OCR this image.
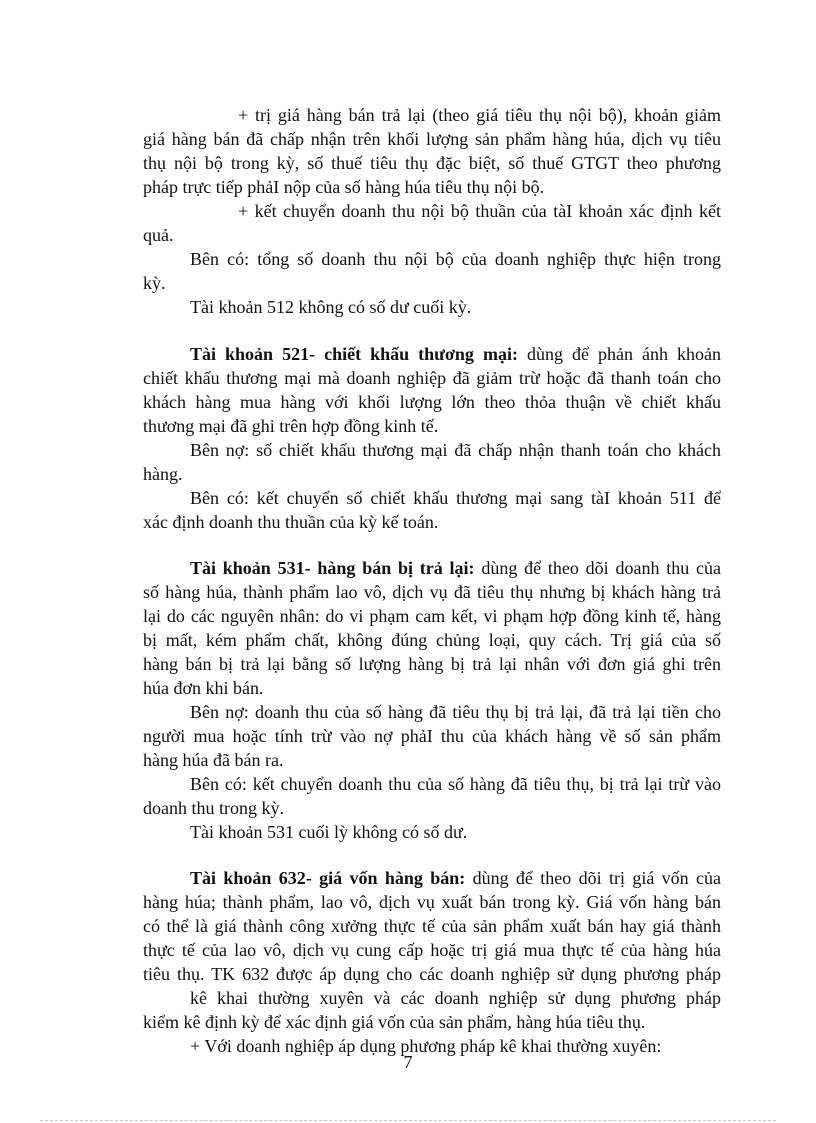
+ trị giá hàng bán trả lại (theo giá tiêu thụ nội bộ), khoản giảm
giá hàng bán đã chấp nhận trên khối lượng sản phẩm hàng húa, dịch vụ tiêu
thụ nội bộ trong kỳ, số thuế tiêu thụ đặc biệt, số thuế GTGT theo phương
pháp trực tiếp phảI nộp của số hàng húa tiêu thụ nội bộ.
+ kết chuyển doanh thu nội bộ thuần của tàI khoản xác định kết
quả.
Bên có: tổng số doanh thu nội bộ của doanh nghiệp thực hiện trong
kỳ.
Tài khoản 512 không có số dư cuối kỳ.
Tài khoản 521- chiết khấu thương mại: dùng để phản ánh khoản
chiết khấu thương mại mà doanh nghiệp đã giảm trừ hoặc đã thanh toán cho
khách hàng mua hàng với khối lượng lớn theo thỏa thuận về chiết khấu
thương mại đã ghi trên hợp đồng kinh tế.
Bên nợ: số chiết khấu thương mại đã chấp nhận thanh toán cho khách
hàng.
Bên có: kết chuyển số chiết khấu thương mại sang tàI khoản 511 để
xác định doanh thu thuần của kỳ kế toán.
Tài khoản 531- hàng bán bị trả lại: dùng để theo dõi doanh thu của
số hàng húa, thành phẩm lao vô, dịch vụ đã tiêu thụ nhưng bị khách hàng trả
lại do các nguyên nhân: do vi phạm cam kết, vi phạm hợp đồng kinh tế, hàng
bị mất, kém phẩm chất, không đúng chủng loại, quy cách. Trị giá của số
hàng bán bị trả lại bằng số lượng hàng bị trả lại nhân với đơn giá ghi trên
húa đơn khi bán.
Bên nợ: doanh thu của số hàng đã tiêu thụ bị trả lại, đã trả lại tiền cho
người mua hoặc tính trừ vào nợ phảI thu của khách hàng về số sản phẩm
hàng húa đã bán ra.
Bên có: kết chuyển doanh thu của số hàng đã tiêu thụ, bị trả lại trừ vào
doanh thu trong kỳ.
Tài khoản 531 cuối lỳ không có số dư.
Tài khoản 632- giá vốn hàng bán: dùng để theo dõi trị giá vốn của
hàng húa; thành phẩm, lao vô, dịch vụ xuất bán trong kỳ. Giá vốn hàng bán
có thể là giá thành công xưởng thực tế của sản phẩm xuất bán hay giá thành
thực tế của lao vô, dịch vụ cung cấp hoặc trị giá mua thực tế của hàng húa
tiêu thụ. TK 632 được áp dụng cho các doanh nghiệp sử dụng phương pháp
kê khai thường xuyên và các doanh nghiệp sử dụng phương pháp
kiểm kê định kỳ để xác định giá vốn của sản phẩm, hàng húa tiêu thụ.
+ Với doanh nghiệp áp dụng phương pháp kê khai thường xuyên:
7
